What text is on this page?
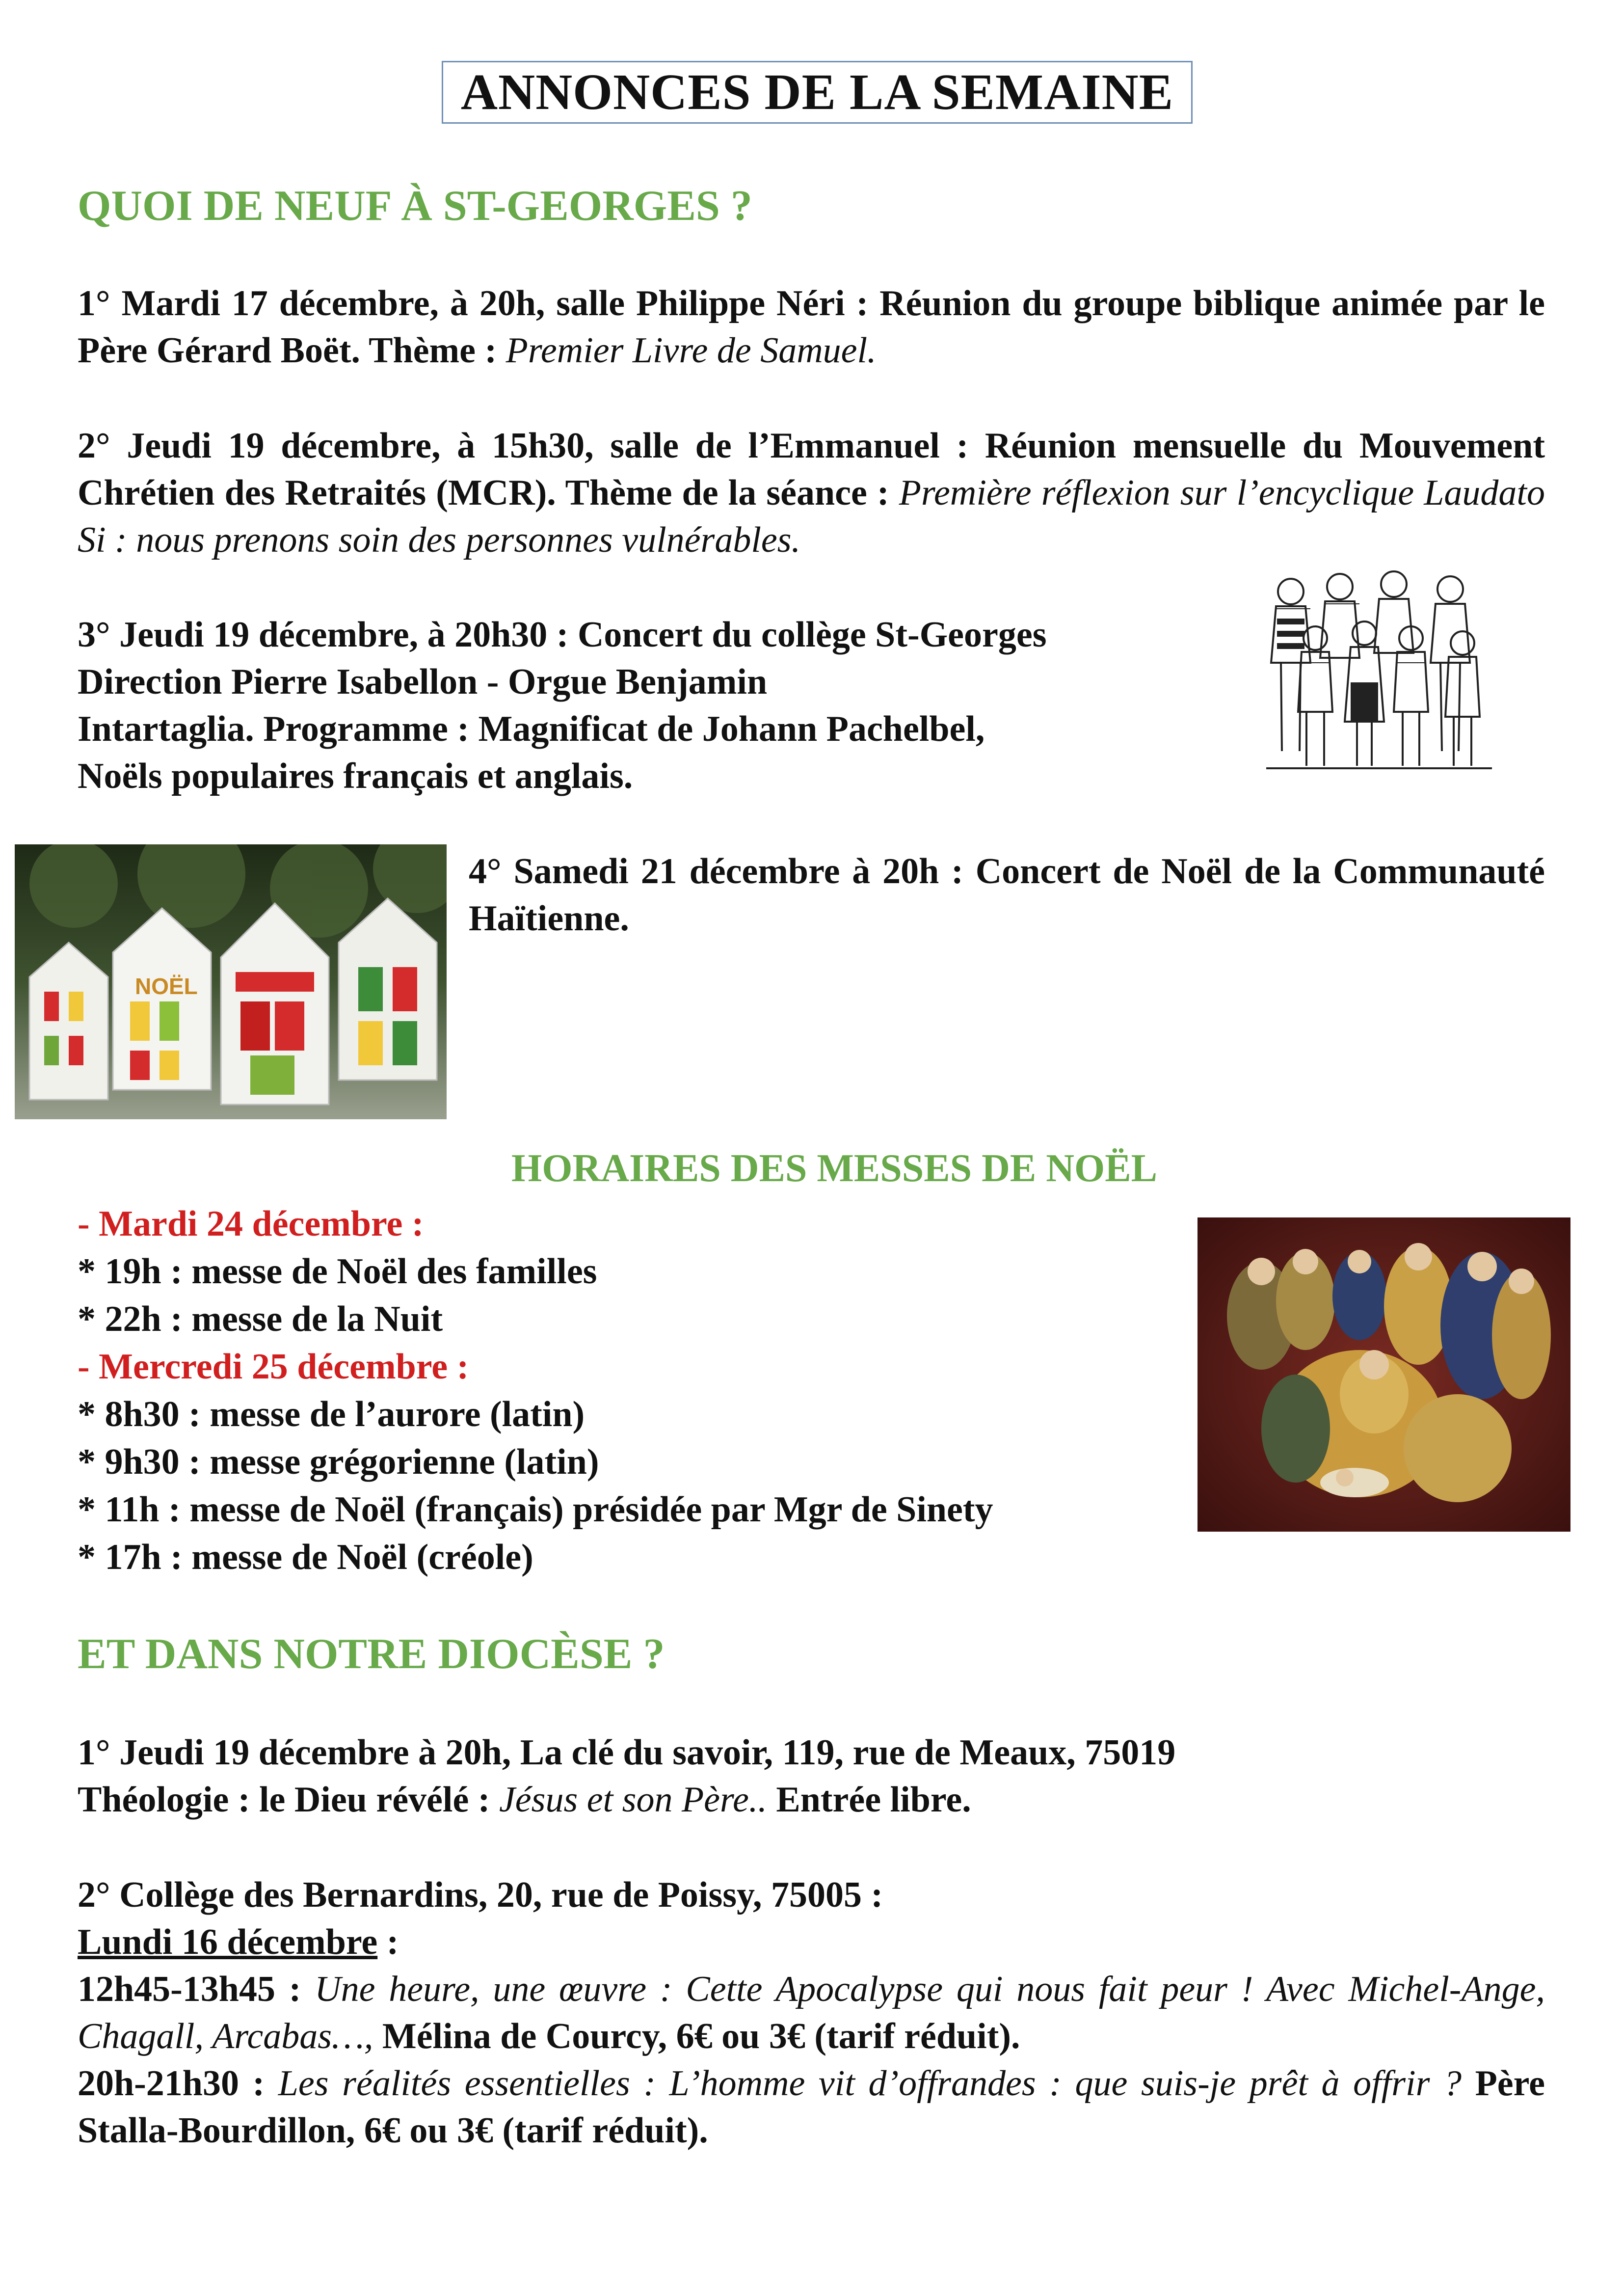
ANNONCES DE LA SEMAINE
QUOI DE NEUF À ST-GEORGES ?
1° Mardi 17 décembre, à 20h, salle Philippe Néri : Réunion du groupe biblique animée par le Père Gérard Boët. Thème : Premier Livre de Samuel.
2° Jeudi 19 décembre, à 15h30, salle de l’Emmanuel : Réunion mensuelle du Mouvement Chrétien des Retraités (MCR). Thème de la séance : Première réflexion sur l’encyclique Laudato Si : nous prenons soin des personnes vulnérables.
3° Jeudi 19 décembre, à 20h30 : Concert du collège St-Georges
Direction Pierre Isabellon - Orgue Benjamin
Intartaglia. Programme : Magnificat de Johann Pachelbel,
Noëls populaires français et anglais.
NOËL
4° Samedi 21 décembre à 20h : Concert de Noël de la Communauté Haïtienne.
HORAIRES DES MESSES DE NOËL
- Mardi 24 décembre :
* 19h : messe de Noël des familles
* 22h : messe de la Nuit
- Mercredi 25 décembre :
* 8h30 : messe de l’aurore (latin)
* 9h30 : messe grégorienne (latin)
* 11h : messe de Noël (français) présidée par Mgr de Sinety
* 17h : messe de Noël (créole)
ET DANS NOTRE DIOCÈSE ?
1° Jeudi 19 décembre à 20h, La clé du savoir, 119, rue de Meaux, 75019
Théologie : le Dieu révélé : Jésus et son Père.. Entrée libre.
2° Collège des Bernardins, 20, rue de Poissy, 75005 :
Lundi 16 décembre :
12h45-13h45 : Une heure, une œuvre : Cette Apocalypse qui nous fait peur ! Avec Michel-Ange, Chagall, Arcabas…, Mélina de Courcy, 6€ ou 3€ (tarif réduit).
20h-21h30 : Les réalités essentielles : L’homme vit d’offrandes : que suis-je prêt à offrir ? Père Stalla-Bourdillon, 6€ ou 3€ (tarif réduit).
